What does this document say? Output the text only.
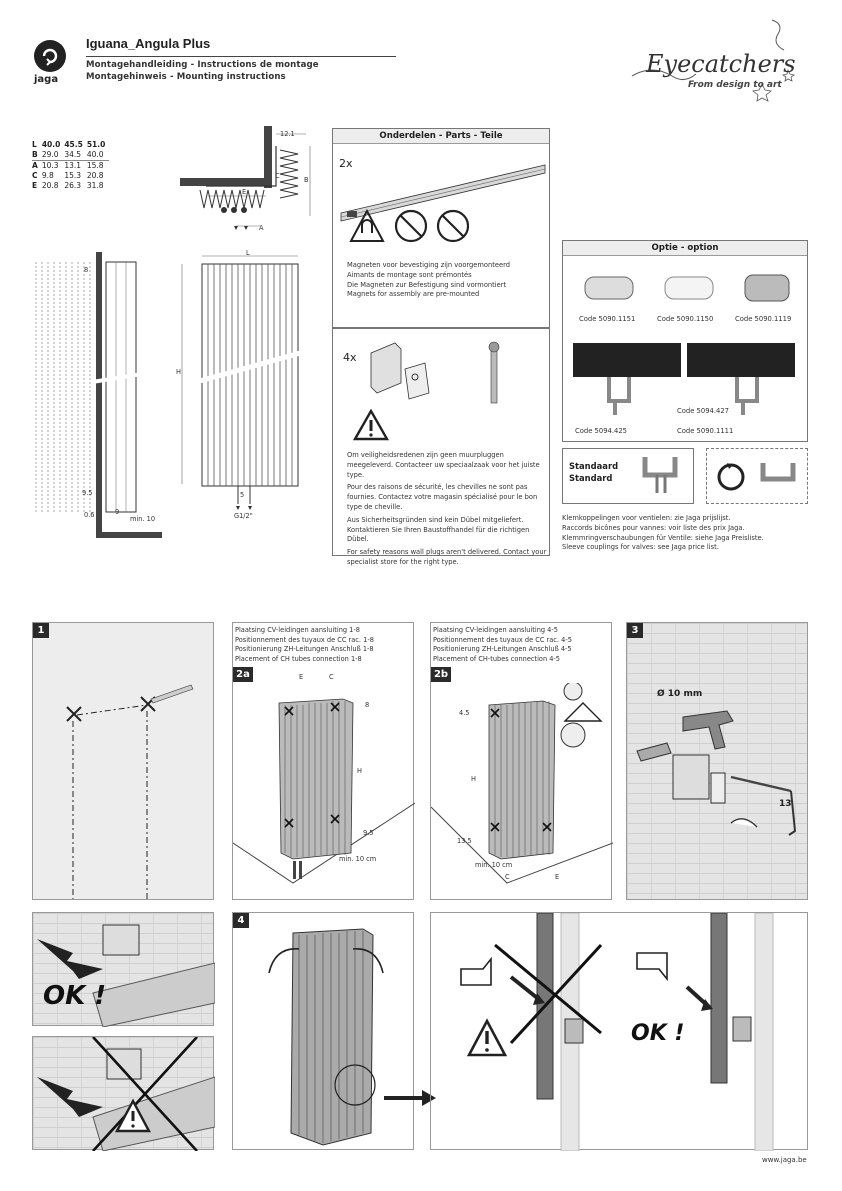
jaga
Iguana_Angula Plus
Montagehandleiding - Instructions de montage
Montagehinweis - Mounting instructions	Eyecatchers
From design to art
L	40.0	45.5	51.0
B	29.0	34.5	40.0
A	10.3	13.1	15.8
C	9.8	15.3	20.8
E	20.8	26.3	31.8
12.1
B
C
E
A
8
9.5
0.6	9
min. 10
L
H
5
G1/2"
Onderdelen - Parts - Teile
2x
Magneten voor bevestiging zijn voorgemonteerd
Aimants de montage sont prémontés
Die Magneten zur Befestigung sind vormontiert
Magnets for assembly are pre-mounted
4x
Om veiligheidsredenen zijn geen muurpluggen meegeleverd. Contacteer uw speciaalzaak voor het juiste type.
Pour des raisons de sécurité, les chevilles ne sont pas fournies. Contactez votre magasin spécialisé pour le bon type de cheville.
Aus Sicherheitsgründen sind kein Dübel mitgeliefert. Kontaktieren Sie Ihren Baustoffhandel für die richtigen Dübel.
For safety reasons wall plugs aren't delivered. Contact your specialist store for the right type.
Optie - option
Code 5090.1151	Code 5090.1150	Code 5090.1119
Code 5094.427
Code 5094.425	Code 5090.1111
Standaard
Standard
Klemkoppelingen voor ventielen: zie Jaga prijslijst.
Raccords bicônes pour vannes: voir liste des prix Jaga.
Klemmringverschaubungen für Ventile: siehe Jaga Preisliste.
Sleeve couplings for valves: see Jaga price list.
1	Plaatsing CV-leidingen aansluiting 1-8
Positionnement des tuyaux de CC rac. 1-8
Positionierung ZH-Leitungen Anschluß 1-8
Placement of CH tubes connection 1-8
2a	E	C
8
H
9.5
min. 10 cm
Plaatsing CV-leidingen aansluiting 4-5
Positionnement des tuyaux de CC rac. 4-5
Positionierung ZH-Leitungen Anschluß 4-5
Placement of CH-tubes connection 4-5
2b
4.5
H
13.5
min. 10 cm
C	E
3
Ø 10 mm
13
OK !
4
OK !
www.jaga.be
